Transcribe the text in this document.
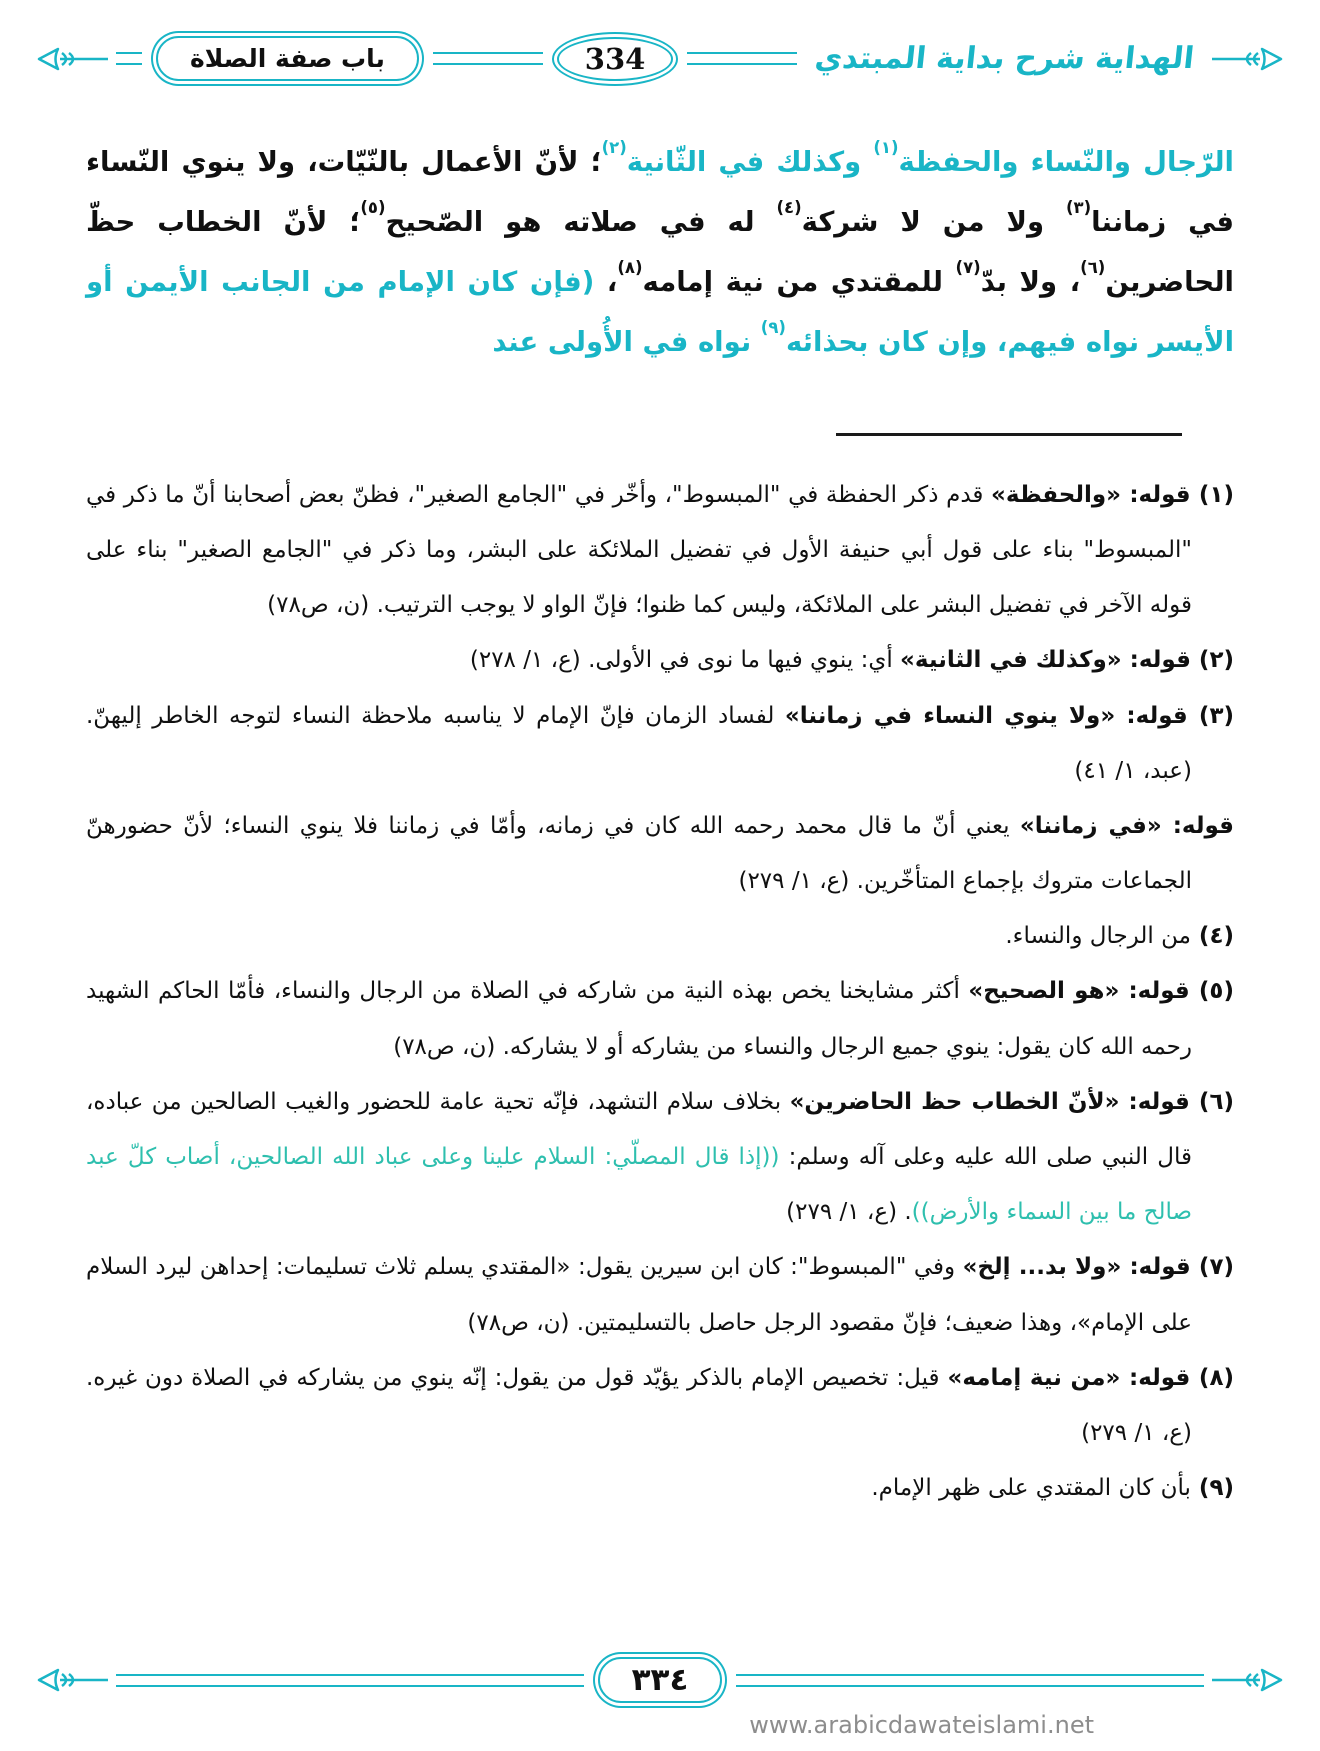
باب صفة الصلاة	334	الهداية شرح بداية المبتدي

الرّجال والنّساء والحفظة$^{(١)}$ وكذلك في الثّانية$^{(٢)}$؛ لأنّ الأعمال بالنّيّات، ولا ينوي النّساء في زماننا$^{(٣)}$ ولا من لا شركة$^{(٤)}$ له في صلاته هو الصّحيح$^{(٥)}$؛ لأنّ الخطاب حظّ الحاضرين$^{(٦)}$، ولا بدّ$^{(٧)}$ للمقتدي من نية إمامه$^{(٨)}$، (فإن كان الإمام من الجانب الأيمن أو الأيسر نواه فيهم، وإن كان بحذائه$^{(٩)}$ نواه في الأُولى عند

(١) قوله: «والحفظة» قدم ذكر الحفظة في "المبسوط"، وأخّر في "الجامع الصغير"، فظنّ بعض أصحابنا أنّ ما ذكر في "المبسوط" بناء على قول أبي حنيفة الأول في تفضيل الملائكة على البشر، وما ذكر في "الجامع الصغير" بناء على قوله الآخر في تفضيل البشر على الملائكة، وليس كما ظنوا؛ فإنّ الواو لا يوجب الترتيب. (ن، ص٧٨)

(٢) قوله: «وكذلك في الثانية» أي: ينوي فيها ما نوى في الأولى. (ع، ١/ ٢٧٨)

(٣) قوله: «ولا ينوي النساء في زماننا» لفساد الزمان فإنّ الإمام لا يناسبه ملاحظة النساء لتوجه الخاطر إليهنّ. (عبد، ١/ ٤١)

قوله: «في زماننا» يعني أنّ ما قال محمد رحمه الله كان في زمانه، وأمّا في زماننا فلا ينوي النساء؛ لأنّ حضورهنّ الجماعات متروك بإجماع المتأخّرين. (ع، ١/ ٢٧٩)

(٤) من الرجال والنساء.

(٥) قوله: «هو الصحيح» أكثر مشايخنا يخص بهذه النية من شاركه في الصلاة من الرجال والنساء، فأمّا الحاكم الشهيد رحمه الله كان يقول: ينوي جميع الرجال والنساء من يشاركه أو لا يشاركه. (ن، ص٧٨)

(٦) قوله: «لأنّ الخطاب حظ الحاضرين» بخلاف سلام التشهد، فإنّه تحية عامة للحضور والغيب الصالحين من عباده، قال النبي صلى الله عليه وعلى آله وسلم: ((إذا قال المصلّي: السلام علينا وعلى عباد الله الصالحين، أصاب كلّ عبد صالح ما بين السماء والأرض)). (ع، ١/ ٢٧٩)

(٧) قوله: «ولا بد... إلخ» وفي "المبسوط": كان ابن سيرين يقول: «المقتدي يسلم ثلاث تسليمات: إحداهن ليرد السلام على الإمام»، وهذا ضعيف؛ فإنّ مقصود الرجل حاصل بالتسليمتين. (ن، ص٧٨)

(٨) قوله: «من نية إمامه» قيل: تخصيص الإمام بالذكر يؤيّد قول من يقول: إنّه ينوي من يشاركه في الصلاة دون غيره. (ع، ١/ ٢٧٩)

(٩) بأن كان المقتدي على ظهر الإمام.

٣٣٤
www.arabicdawateislami.net
